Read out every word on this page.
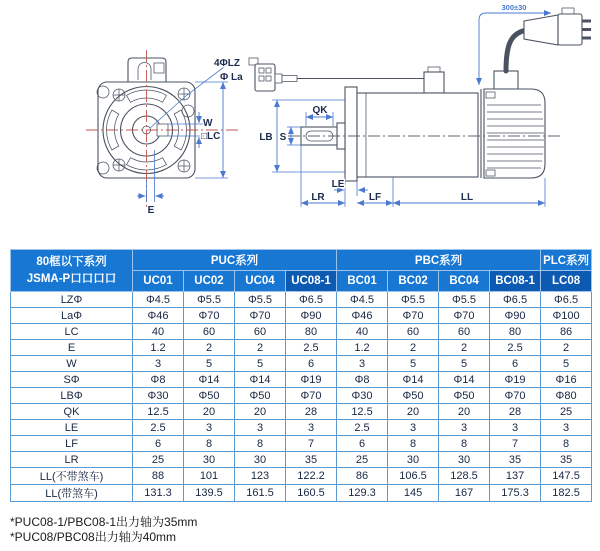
4ΦLZ
Φ La
W
□LC
E
300±30
QK
S
LB
LE
LR	LF	LL
80框以下系列
JSMA-P口口口口	PUC系列				PBC系列				PLC系列
	UC01	UC02	UC04	UC08-1	BC01	BC02	BC04	BC08-1	LC08
LZΦ	Φ4.5	Φ5.5	Φ5.5	Φ6.5	Φ4.5	Φ5.5	Φ5.5	Φ6.5	Φ6.5
LaΦ	Φ46	Φ70	Φ70	Φ90	Φ46	Φ70	Φ70	Φ90	Φ100
LC	40	60	60	80	40	60	60	80	86
E	1.2	2	2	2.5	1.2	2	2	2.5	2
W	3	5	5	6	3	5	5	6	5
SΦ	Φ8	Φ14	Φ14	Φ19	Φ8	Φ14	Φ14	Φ19	Φ16
LBΦ	Φ30	Φ50	Φ50	Φ70	Φ30	Φ50	Φ50	Φ70	Φ80
QK	12.5	20	20	28	12.5	20	20	28	25
LE	2.5	3	3	3	2.5	3	3	3	3
LF	6	8	8	7	6	8	8	7	8
LR	25	30	30	35	25	30	30	35	35
LL(不带煞车)	88	101	123	122.2	86	106.5	128.5	137	147.5
LL(带煞车)	131.3	139.5	161.5	160.5	129.3	145	167	175.3	182.5
*PUC08-1/PBC08-1出力轴为35mm
*PUC08/PBC08出力轴为40mm
